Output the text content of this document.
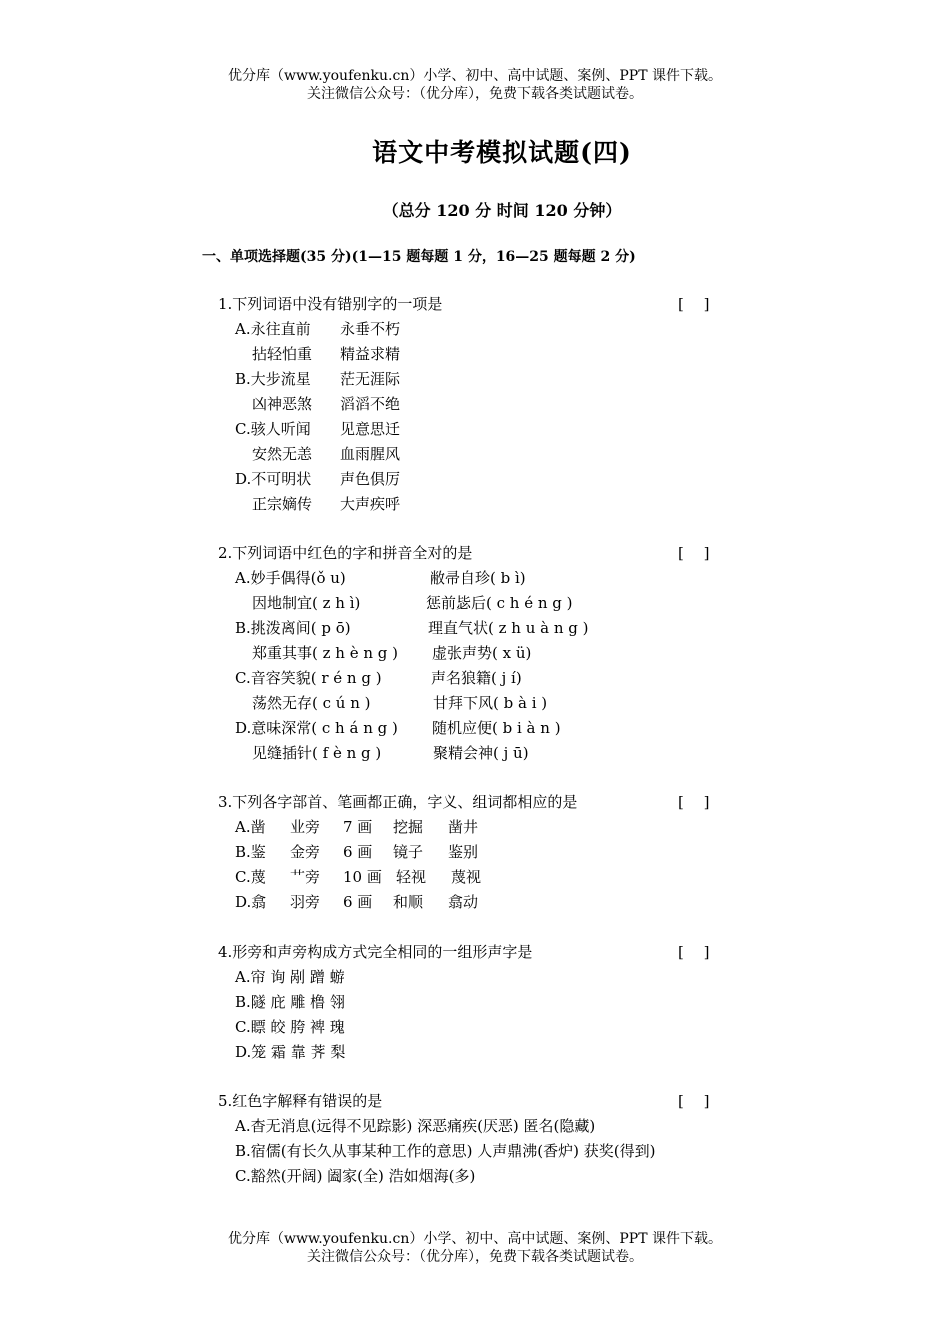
优分库（www.youfenku.cn）小学、初中、高中试题、案例、PPT 课件下载。
关注微信公众号：（优分库），免费下载各类试题试卷。
语文中考模拟试题(四)
（总分 120 分 时间 120 分钟）
一、单项选择题(35 分)(1—15 题每题 1 分，16—25 题每题 2 分)
1.下列词语中没有错别字的一项是	[　 ]
A.永往直前 永垂不朽
拈轻怕重 精益求精
B.大步流星 茫无涯际
凶神恶煞 滔滔不绝
C.骇人听闻 见意思迁
安然无恙 血雨腥风
D.不可明状 声色俱厉
正宗嫡传 大声疾呼
2.下列词语中红色的字和拼音全对的是	[　 ]
A.妙手偶得(ǒ u)	敝帚自珍( b ì)
因地制宜( z h ì)	惩前毖后( c h é n g )
B.挑泼离间( p ō)	理直气状( z h u à n g )
郑重其事( z h è n g ) 虚张声势( x ü)
C.音容笑貌( r é n g )	声名狼籍( j í)
荡然无存( c ú n )	甘拜下风( b à i )
D.意味深常( c h á n g ) 随机应便( b i à n )
见缝插针( f è n g )	聚精会神( j ū)
3.下列各字部首、笔画都正确，字义、组词都相应的是	[　 ]
A.凿 业旁 7 画 挖掘 凿井
B.鉴 金旁 6 画 镜子 鉴别
C.蔑 艹旁 10 画 轻视 蔑视
D.翕 羽旁 6 画 和顺 翕动
4.形旁和声旁构成方式完全相同的一组形声字是	[　 ]
A.帘 询 剐 蹭 蝣
B.隧 庇 雕 橹 翎
C.瞟 皎 胯 裨 瑰
D.笼 霜 靠 荠 梨
5.红色字解释有错误的是	[　 ]
A.杳无消息(远得不见踪影) 深恶痛疾(厌恶) 匿名(隐藏)
B.宿儒(有长久从事某种工作的意思) 人声鼎沸(香炉) 获奖(得到)
C.豁然(开阔) 阖家(全) 浩如烟海(多)
优分库（www.youfenku.cn）小学、初中、高中试题、案例、PPT 课件下载。
关注微信公众号：（优分库），免费下载各类试题试卷。
